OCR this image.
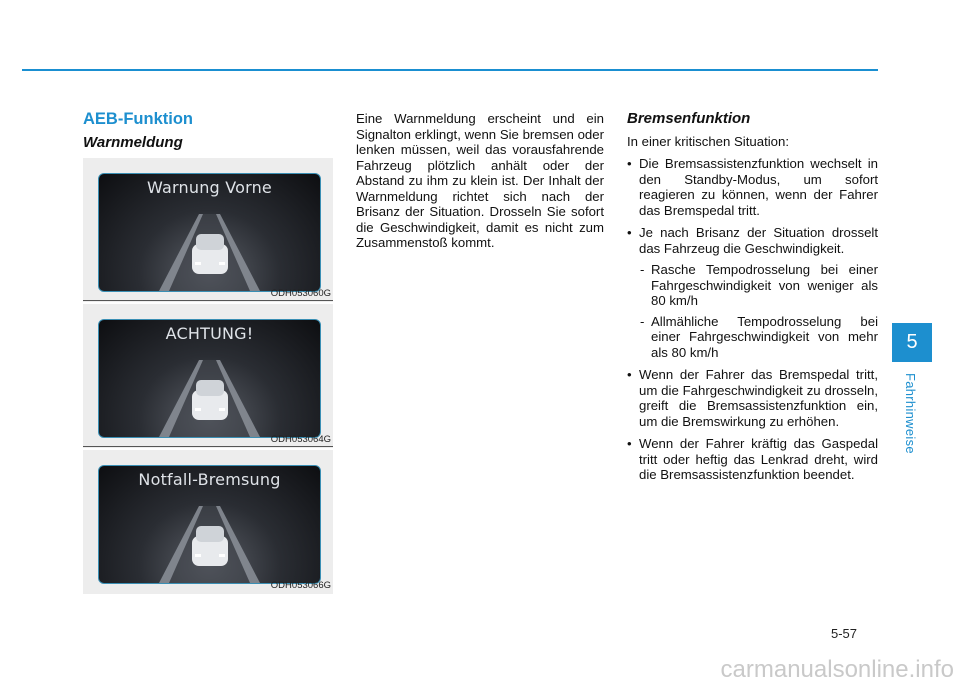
AEB-Funktion
Warnmeldung
Warnung Vorne
ODH053060G
ACHTUNG!
ODH053064G
Notfall-Bremsung
ODH053066G

Eine Warnmeldung erscheint und ein Signalton erklingt, wenn Sie bremsen oder lenken müssen, weil das vorausfahrende Fahrzeug plötzlich anhält oder der Abstand zu ihm zu klein ist. Der Inhalt der Warnmeldung richtet sich nach der Brisanz der Situation. Drosseln Sie sofort die Geschwindigkeit, damit es nicht zum Zusammenstoß kommt.

Bremsenfunktion

In einer kritischen Situation:

• Die Bremsassistenzfunktion wechselt in den Standby-Modus, um sofort reagieren zu können, wenn der Fahrer das Bremspedal tritt.
• Je nach Brisanz der Situation drosselt das Fahrzeug die Geschwindigkeit.
- Rasche Tempodrosselung bei einer Fahrgeschwindigkeit von weniger als 80 km/h
- Allmähliche Tempodrosselung bei einer Fahrgeschwindigkeit von mehr als 80 km/h
• Wenn der Fahrer das Bremspedal tritt, um die Fahrgeschwindigkeit zu drosseln, greift die Bremsassistenzfunktion ein, um die Bremswirkung zu erhöhen.
• Wenn der Fahrer kräftig das Gaspedal tritt oder heftig das Lenkrad dreht, wird die Bremsassistenzfunktion beendet.
5
Fahrhinweise
5-57
carmanualsonline.info
